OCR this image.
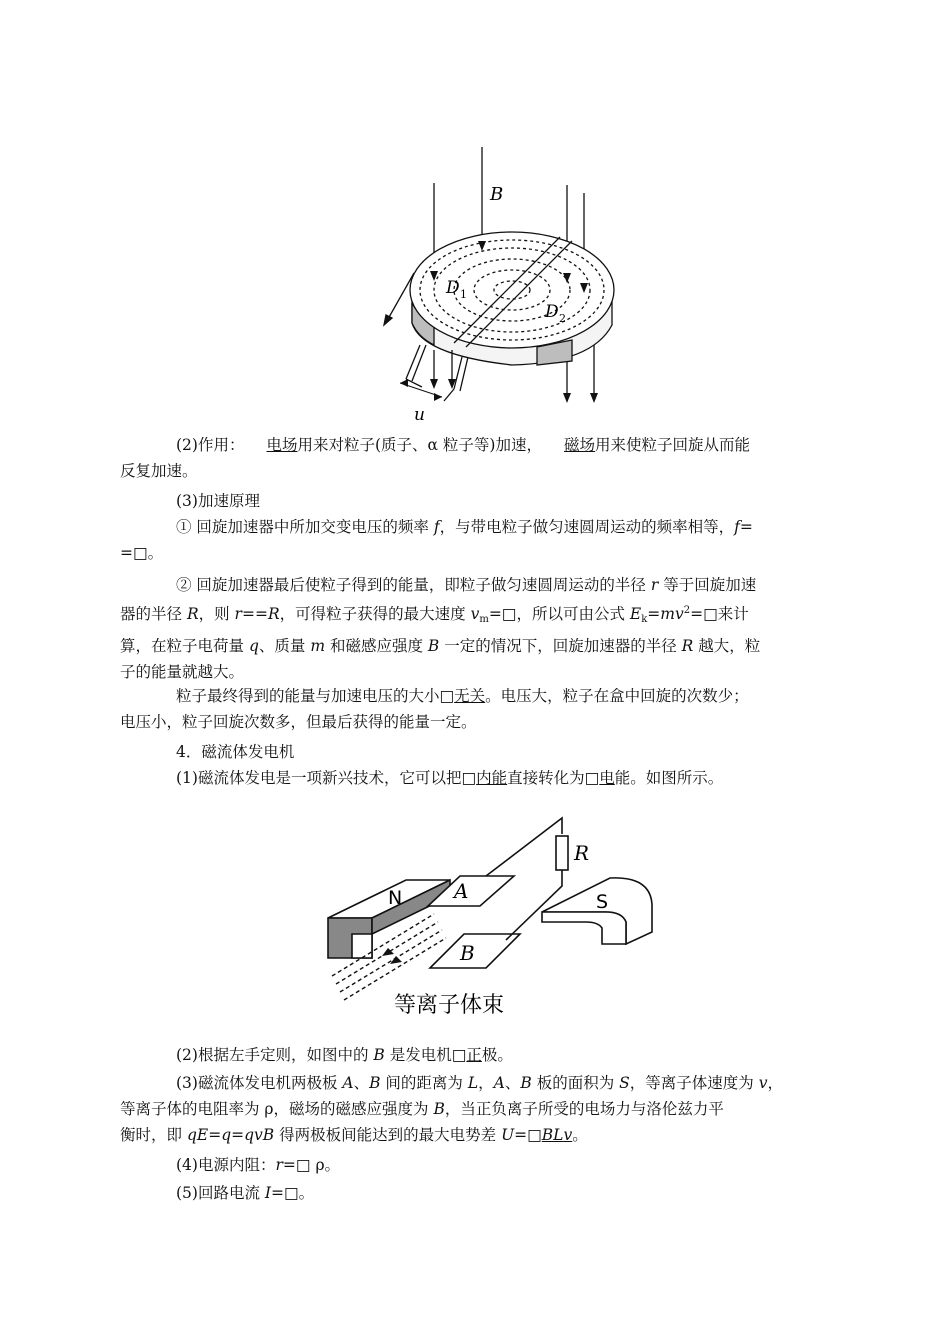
B
D 1
D 2
u

(2)作用： 电场用来对粒子(质子、α 粒子等)加速， 磁场用来使粒子回旋从而能
反复加速。

(3)加速原理

① 回旋加速器中所加交变电压的频率 f，与带电粒子做匀速圆周运动的频率相等，f=
=□。

② 回旋加速器最后使粒子得到的能量，即粒子做匀速圆周运动的半径 r 等于回旋加速
器的半径 R，则 r==R，可得粒子获得的最大速度 $v_m=□$，所以可由公式 $E_k=mv^2=□$来计
算，在粒子电荷量 q、质量 m 和磁感应强度 B 一定的情况下，回旋加速器的半径 R 越大，粒
子的能量就越大。

粒子最终得到的能量与加速电压的大小□无关。电压大，粒子在盒中回旋的次数少；
电压小，粒子回旋次数多，但最后获得的能量一定。

4．磁流体发电机

(1)磁流体发电是一项新兴技术，它可以把□内能直接转化为□电能。如图所示。

N	S
A
B
R
等离子体束

(2)根据左手定则，如图中的 B 是发电机□正极。

(3)磁流体发电机两极板 A、B 间的距离为 L，A、B 板的面积为 S，等离子体速度为 v，
等离子体的电阻率为 ρ，磁场的磁感应强度为 B，当正负离子所受的电场力与洛伦兹力平
衡时，即 qE=q=qvB 得两极板间能达到的最大电势差 U=□BLv。

(4)电源内阻：r=□ ρ。

(5)回路电流 I=□。
